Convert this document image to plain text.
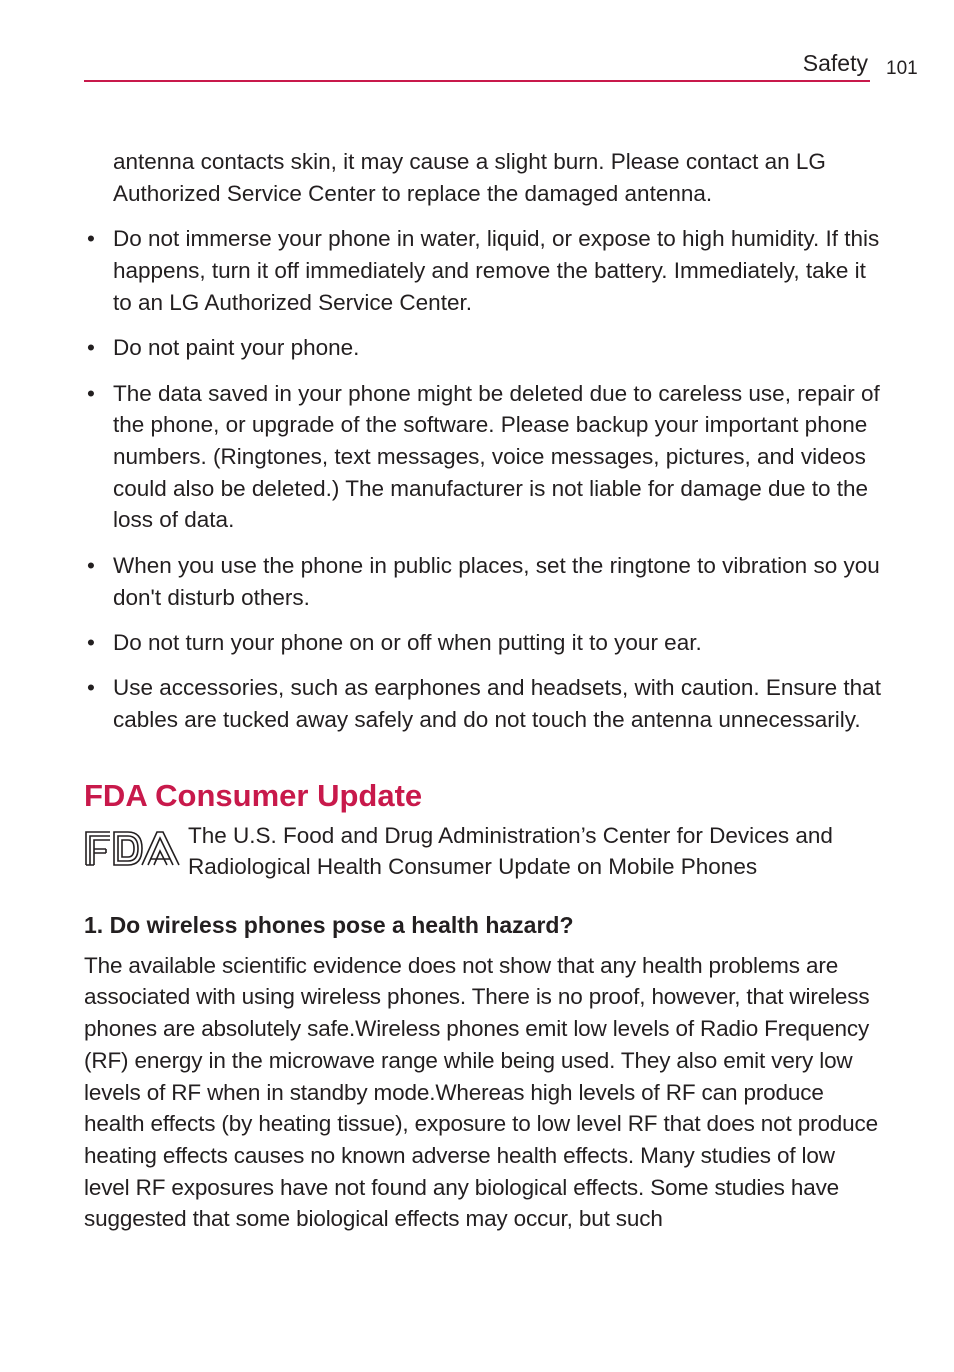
Safety 101

antenna contacts skin, it may cause a slight burn. Please contact an LG Authorized Service Center to replace the damaged antenna.

• Do not immerse your phone in water, liquid, or expose to high humidity. If this happens, turn it off immediately and remove the battery. Immediately, take it to an LG Authorized Service Center.
• Do not paint your phone.
• The data saved in your phone might be deleted due to careless use, repair of the phone, or upgrade of the software. Please backup your important phone numbers. (Ringtones, text messages, voice messages, pictures, and videos could also be deleted.) The manufacturer is not liable for damage due to the loss of data.
• When you use the phone in public places, set the ringtone to vibration so you don't disturb others.
• Do not turn your phone on or off when putting it to your ear.
• Use accessories, such as earphones and headsets, with caution. Ensure that cables are tucked away safely and do not touch the antenna unnecessarily.
FDA Consumer Update
The U.S. Food and Drug Administration’s Center for Devices and Radiological Health Consumer Update on Mobile Phones
1. Do wireless phones pose a health hazard?

The available scientific evidence does not show that any health problems are associated with using wireless phones. There is no proof, however, that wireless phones are absolutely safe.Wireless phones emit low levels of Radio Frequency (RF) energy in the microwave range while being used. They also emit very low levels of RF when in standby mode.Whereas high levels of RF can produce health effects (by heating tissue), exposure to low level RF that does not produce heating effects causes no known adverse health effects. Many studies of low level RF exposures have not found any biological effects. Some studies have suggested that some biological effects may occur, but such
